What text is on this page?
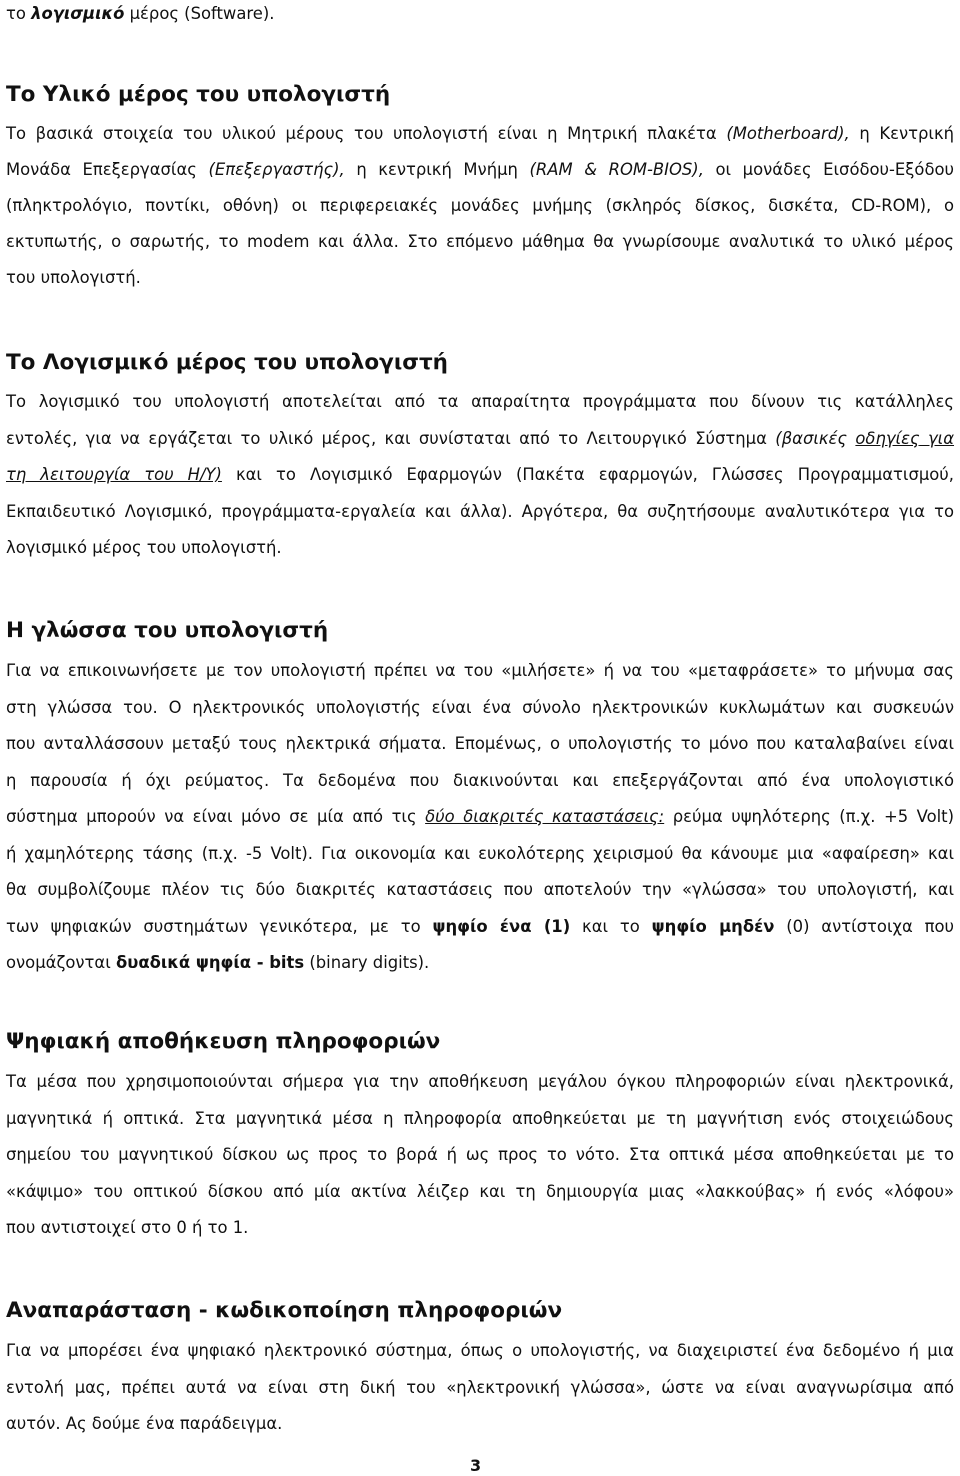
το λογισμικό μέρος (Software).
Το Υλικό μέρος του υπολογιστή
Το βασικά στοιχεία του υλικού μέρους του υπολογιστή είναι η Μητρική πλακέτα (Motherboard), η Κεντρική
Μονάδα Επεξεργασίας (Επεξεργαστής), η κεντρική Μνήμη (RAM & ROM-BIOS), οι μονάδες Εισόδου-Εξόδου
(πληκτρολόγιο, ποντίκι, οθόνη) οι περιφερειακές μονάδες μνήμης (σκληρός δίσκος, δισκέτα, CD-ROM), ο
εκτυπωτής, ο σαρωτής, το modem και άλλα. Στο επόμενο μάθημα θα γνωρίσουμε αναλυτικά το υλικό μέρος
του υπολογιστή.
Το Λογισμικό μέρος του υπολογιστή
Το λογισμικό του υπολογιστή αποτελείται από τα απαραίτητα προγράμματα που δίνουν τις κατάλληλες
εντολές, για να εργάζεται το υλικό μέρος, και συνίσταται από το Λειτουργικό Σύστημα (βασικές οδηγίες για
τη λειτουργία του Η/Υ) και το Λογισμικό Εφαρμογών (Πακέτα εφαρμογών, Γλώσσες Προγραμματισμού,
Εκπαιδευτικό Λογισμικό, προγράμματα-εργαλεία και άλλα). Αργότερα, θα συζητήσουμε αναλυτικότερα για το
λογισμικό μέρος του υπολογιστή.
Η γλώσσα του υπολογιστή
Για να επικοινωνήσετε με τον υπολογιστή πρέπει να του «μιλήσετε» ή να του «μεταφράσετε» το μήνυμα σας
στη γλώσσα του. Ο ηλεκτρονικός υπολογιστής είναι ένα σύνολο ηλεκτρονικών κυκλωμάτων και συσκευών
που ανταλλάσσουν μεταξύ τους ηλεκτρικά σήματα. Επομένως, ο υπολογιστής το μόνο που καταλαβαίνει είναι
η παρουσία ή όχι ρεύματος. Τα δεδομένα που διακινούνται και επεξεργάζονται από ένα υπολογιστικό
σύστημα μπορούν να είναι μόνο σε μία από τις δύο διακριτές καταστάσεις: ρεύμα υψηλότερης (π.χ. +5 Volt)
ή χαμηλότερης τάσης (π.χ. -5 Volt). Για οικονομία και ευκολότερης χειρισμού θα κάνουμε μια «αφαίρεση» και
θα συμβολίζουμε πλέον τις δύο διακριτές καταστάσεις που αποτελούν την «γλώσσα» του υπολογιστή, και
των ψηφιακών συστημάτων γενικότερα, με το ψηφίο ένα (1) και το ψηφίο μηδέν (0) αντίστοιχα που
ονομάζονται δυαδικά ψηφία - bits (binary digits).
Ψηφιακή αποθήκευση πληροφοριών
Τα μέσα που χρησιμοποιούνται σήμερα για την αποθήκευση μεγάλου όγκου πληροφοριών είναι ηλεκτρονικά,
μαγνητικά ή οπτικά. Στα μαγνητικά μέσα η πληροφορία αποθηκεύεται με τη μαγνήτιση ενός στοιχειώδους
σημείου του μαγνητικού δίσκου ως προς το βορά ή ως προς το νότο. Στα οπτικά μέσα αποθηκεύεται με το
«κάψιμο» του οπτικού δίσκου από μία ακτίνα λέιζερ και τη δημιουργία μιας «λακκούβας» ή ενός «λόφου»
που αντιστοιχεί στο 0 ή το 1.
Αναπαράσταση - κωδικοποίηση πληροφοριών
Για να μπορέσει ένα ψηφιακό ηλεκτρονικό σύστημα, όπως ο υπολογιστής, να διαχειριστεί ένα δεδομένο ή μια
εντολή μας, πρέπει αυτά να είναι στη δική του «ηλεκτρονική γλώσσα», ώστε να είναι αναγνωρίσιμα από
αυτόν. Ας δούμε ένα παράδειγμα.
3
